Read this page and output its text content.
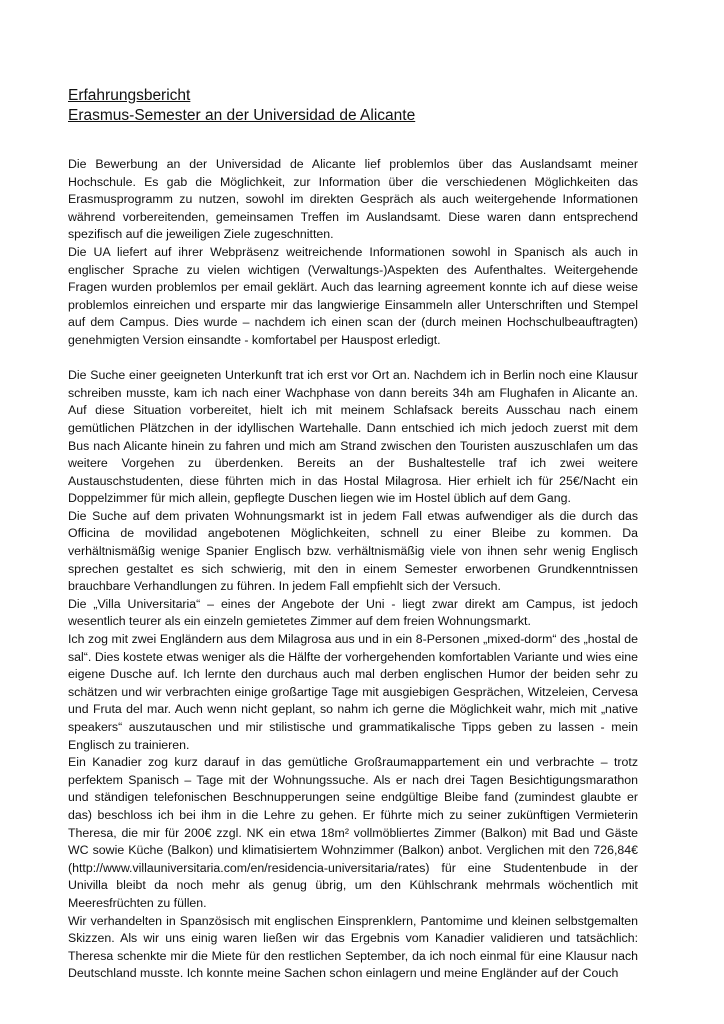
Erfahrungsbericht
Erasmus-Semester an der Universidad de Alicante

Die Bewerbung an der Universidad de Alicante lief problemlos über das Auslandsamt meiner Hochschule. Es gab die Möglichkeit, zur Information über die verschiedenen Möglichkeiten das Erasmusprogramm zu nutzen, sowohl im direkten Gespräch als auch weitergehende Informationen während vorbereitenden, gemeinsamen Treffen im Auslandsamt. Diese waren dann entsprechend spezifisch auf die jeweiligen Ziele zugeschnitten.

Die UA liefert auf ihrer Webpräsenz weitreichende Informationen sowohl in Spanisch als auch in englischer Sprache zu vielen wichtigen (Verwaltungs-)Aspekten des Aufenthaltes. Weitergehende Fragen wurden problemlos per email geklärt. Auch das learning agreement konnte ich auf diese weise problemlos einreichen und ersparte mir das langwierige Einsammeln aller Unterschriften und Stempel auf dem Campus. Dies wurde – nachdem ich einen scan der (durch meinen Hochschulbeauftragten) genehmigten Version einsandte - komfortabel per Hauspost erledigt.

Die Suche einer geeigneten Unterkunft trat ich erst vor Ort an. Nachdem ich in Berlin noch eine Klausur schreiben musste, kam ich nach einer Wachphase von dann bereits 34h am Flughafen in Alicante an. Auf diese Situation vorbereitet, hielt ich mit meinem Schlafsack bereits Ausschau nach einem gemütlichen Plätzchen in der idyllischen Wartehalle. Dann entschied ich mich jedoch zuerst mit dem Bus nach Alicante hinein zu fahren und mich am Strand zwischen den Touristen auszuschlafen um das weitere Vorgehen zu überdenken. Bereits an der Bushaltestelle traf ich zwei weitere Austauschstudenten, diese führten mich in das Hostal Milagrosa. Hier erhielt ich für 25€/Nacht ein Doppelzimmer für mich allein, gepflegte Duschen liegen wie im Hostel üblich auf dem Gang.

Die Suche auf dem privaten Wohnungsmarkt ist in jedem Fall etwas aufwendiger als die durch das Officina de movilidad angebotenen Möglichkeiten, schnell zu einer Bleibe zu kommen. Da verhältnismäßig wenige Spanier Englisch bzw. verhältnismäßig viele von ihnen sehr wenig Englisch sprechen gestaltet es sich schwierig, mit den in einem Semester erworbenen Grundkenntnissen brauchbare Verhandlungen zu führen. In jedem Fall empfiehlt sich der Versuch.

Die „Villa Universitaria“ – eines der Angebote der Uni - liegt zwar direkt am Campus, ist jedoch wesentlich teurer als ein einzeln gemietetes Zimmer auf dem freien Wohnungsmarkt.

Ich zog mit zwei Engländern aus dem Milagrosa aus und in ein 8-Personen „mixed-dorm“ des „hostal de sal“. Dies kostete etwas weniger als die Hälfte der vorhergehenden komfortablen Variante und wies eine eigene Dusche auf. Ich lernte den durchaus auch mal derben englischen Humor der beiden sehr zu schätzen und wir verbrachten einige großartige Tage mit ausgiebigen Gesprächen, Witzeleien, Cervesa und Fruta del mar. Auch wenn nicht geplant, so nahm ich gerne die Möglichkeit wahr, mich mit „native speakers“ auszutauschen und mir stilistische und grammatikalische Tipps geben zu lassen - mein Englisch zu trainieren.

Ein Kanadier zog kurz darauf in das gemütliche Großraumappartement ein und verbrachte – trotz perfektem Spanisch – Tage mit der Wohnungssuche. Als er nach drei Tagen Besichtigungsmarathon und ständigen telefonischen Beschnupperungen seine endgültige Bleibe fand (zumindest glaubte er das) beschloss ich bei ihm in die Lehre zu gehen. Er führte mich zu seiner zukünftigen Vermieterin Theresa, die mir für 200€ zzgl. NK ein etwa 18m² vollmöbliertes Zimmer (Balkon) mit Bad und Gäste WC sowie Küche (Balkon) und klimatisiertem Wohnzimmer (Balkon) anbot. Verglichen mit den 726,84€ (http://www.villauniversitaria.com/en/residencia-universitaria/rates) für eine Studentenbude in der Univilla bleibt da noch mehr als genug übrig, um den Kühlschrank mehrmals wöchentlich mit Meeresfrüchten zu füllen.

Wir verhandelten in Spanzösisch mit englischen Einsprenklern, Pantomime und kleinen selbstgemalten Skizzen. Als wir uns einig waren ließen wir das Ergebnis vom Kanadier validieren und tatsächlich: Theresa schenkte mir die Miete für den restlichen September, da ich noch einmal für eine Klausur nach Deutschland musste. Ich konnte meine Sachen schon einlagern und meine Engländer auf der Couch
